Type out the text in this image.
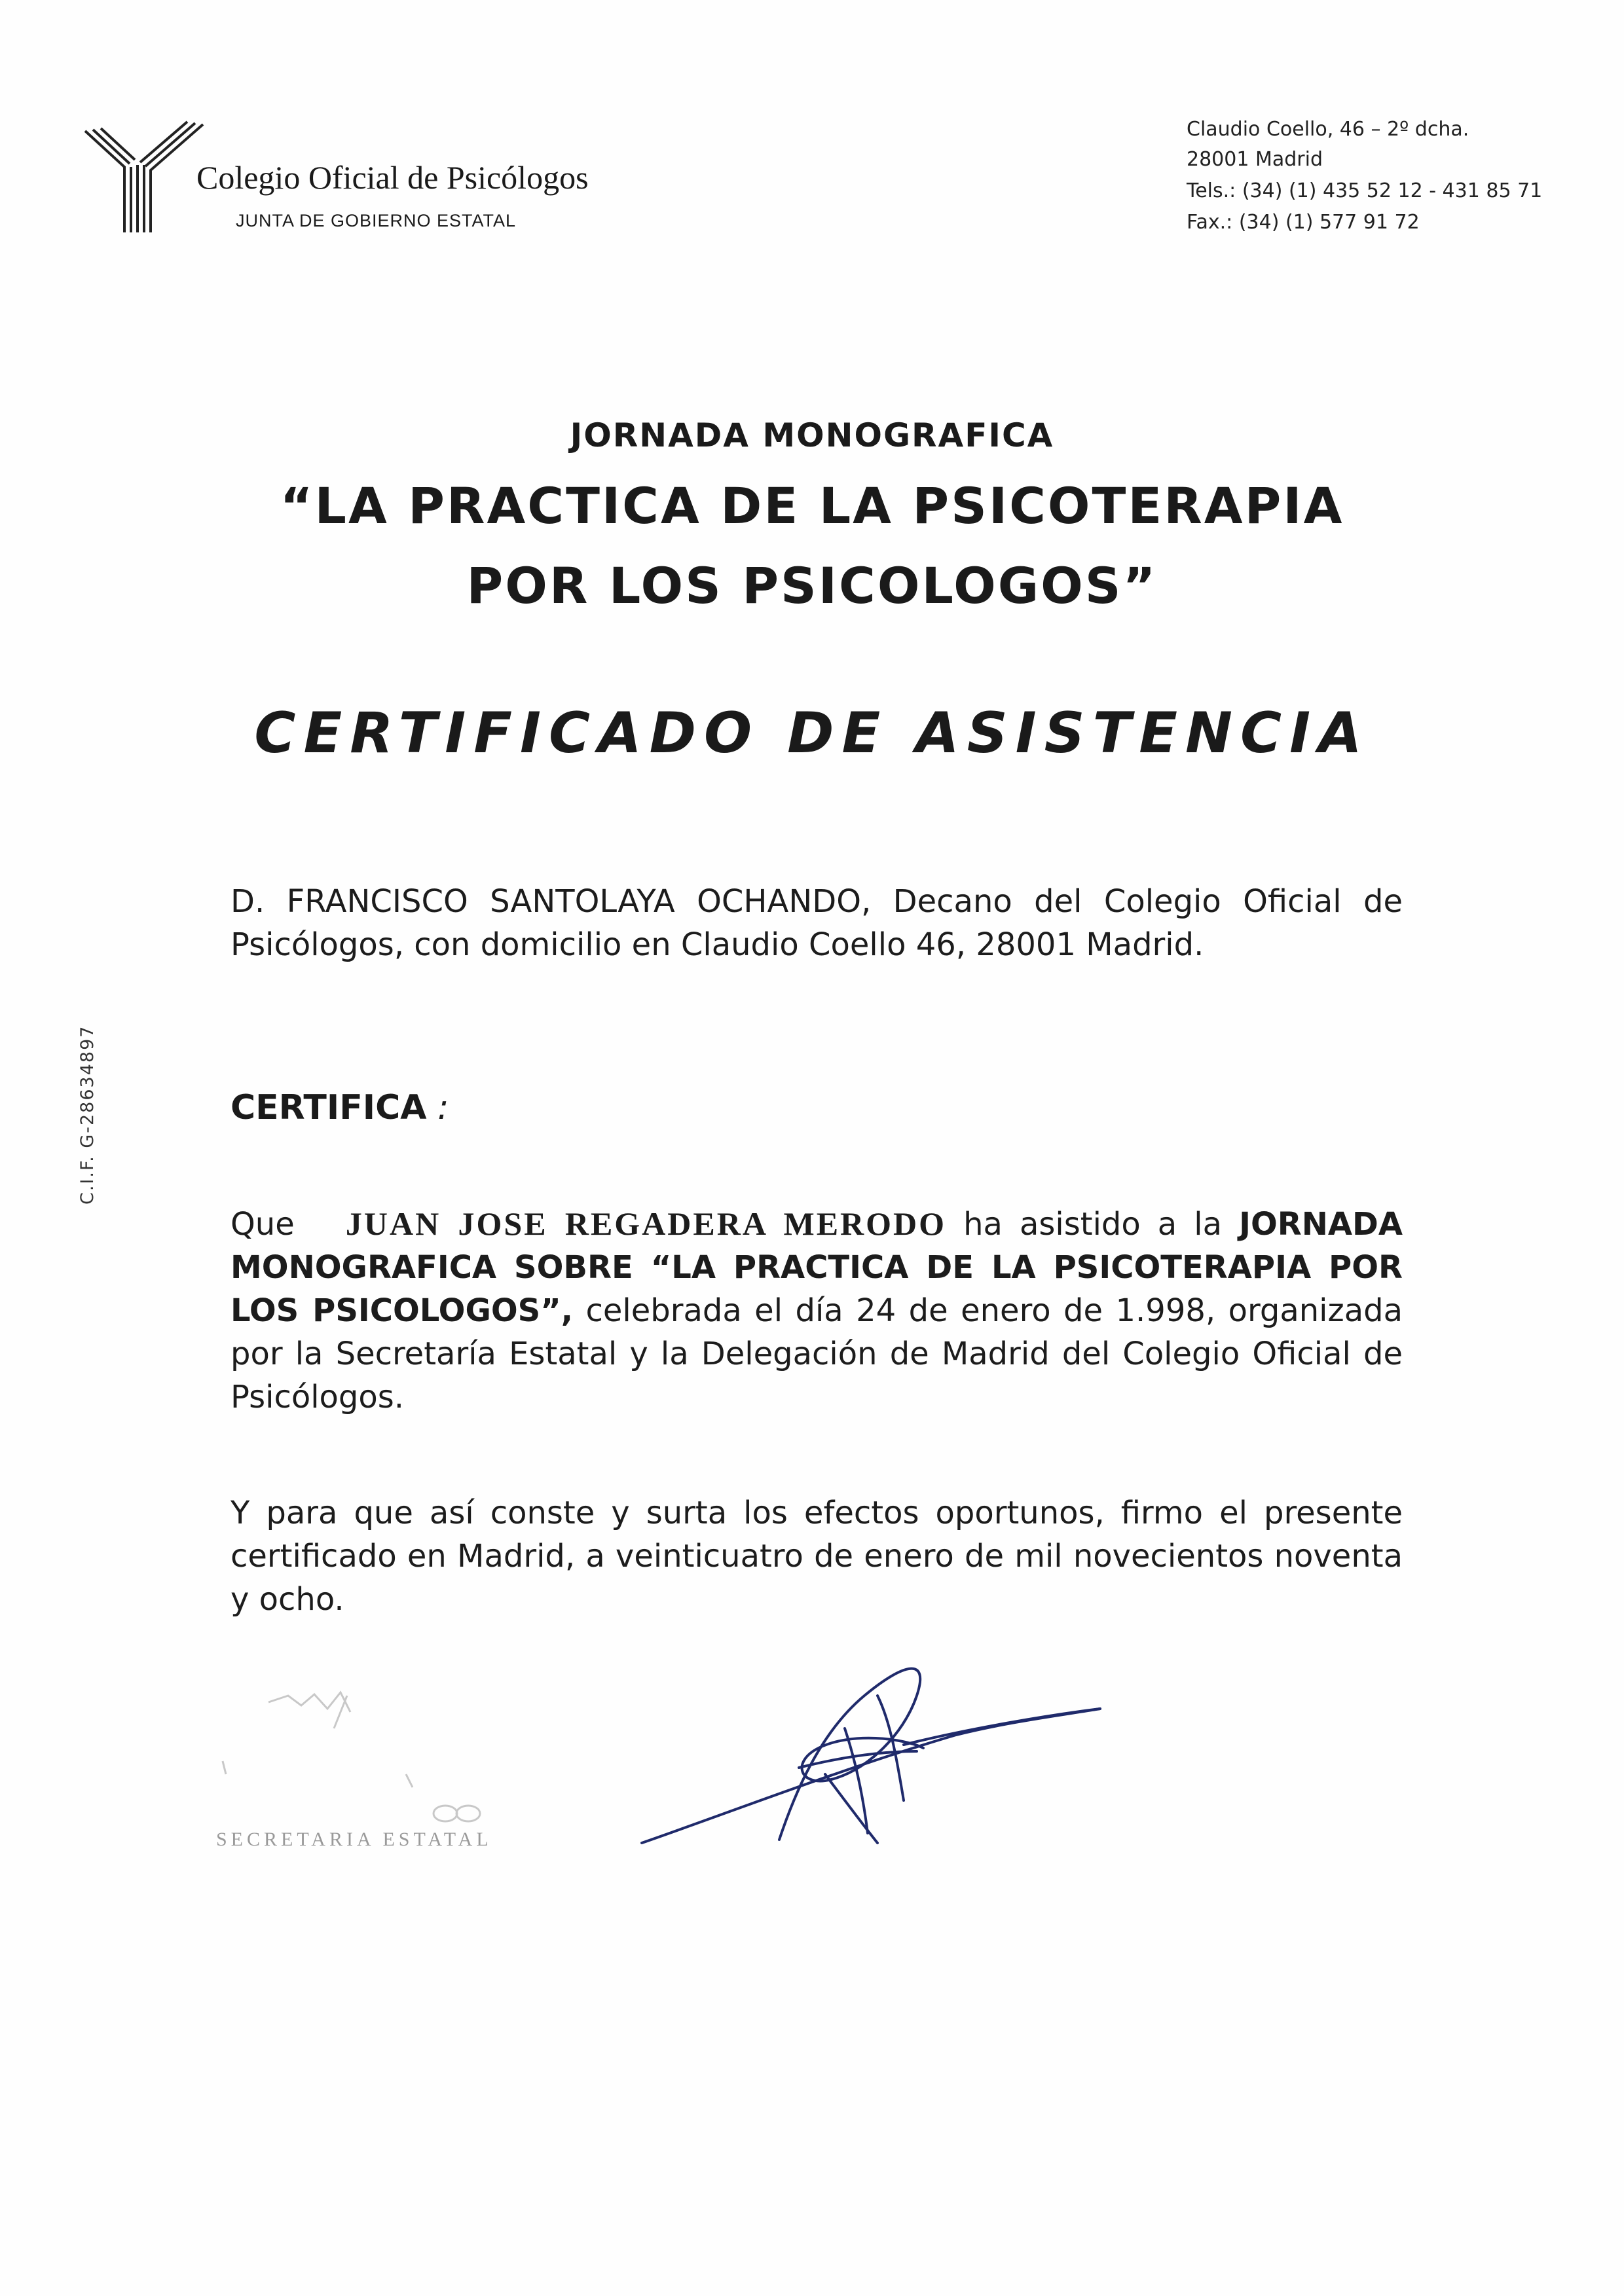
Colegio Oficial de Psicólogos
JUNTA DE GOBIERNO ESTATAL
Claudio Coello, 46 – 2º dcha.
28001 Madrid
Tels.: (34) (1) 435 52 12 - 431 85 71
Fax.: (34) (1) 577 91 72
C.I.F. G-28634897
JORNADA MONOGRAFICA
“LA PRACTICA DE LA PSICOTERAPIA
POR LOS PSICOLOGOS”
CERTIFICADO DE ASISTENCIA
D. FRANCISCO SANTOLAYA OCHANDO, Decano del Colegio Oficial de Psicólogos, con domicilio en Claudio Coello 46, 28001 Madrid.
CERTIFICA :
Que JUAN JOSE REGADERA MERODO ha asistido a la JORNADA MONOGRAFICA SOBRE “LA PRACTICA DE LA PSICOTERAPIA POR LOS PSICOLOGOS”, celebrada el día 24 de enero de 1.998, organizada por la Secretaría Estatal y la Delegación de Madrid del Colegio Oficial de Psicólogos.
Y para que así conste y surta los efectos oportunos, firmo el presente certificado en Madrid, a veinticuatro de enero de mil novecientos noventa y ocho.
SECRETARIA ESTATAL
